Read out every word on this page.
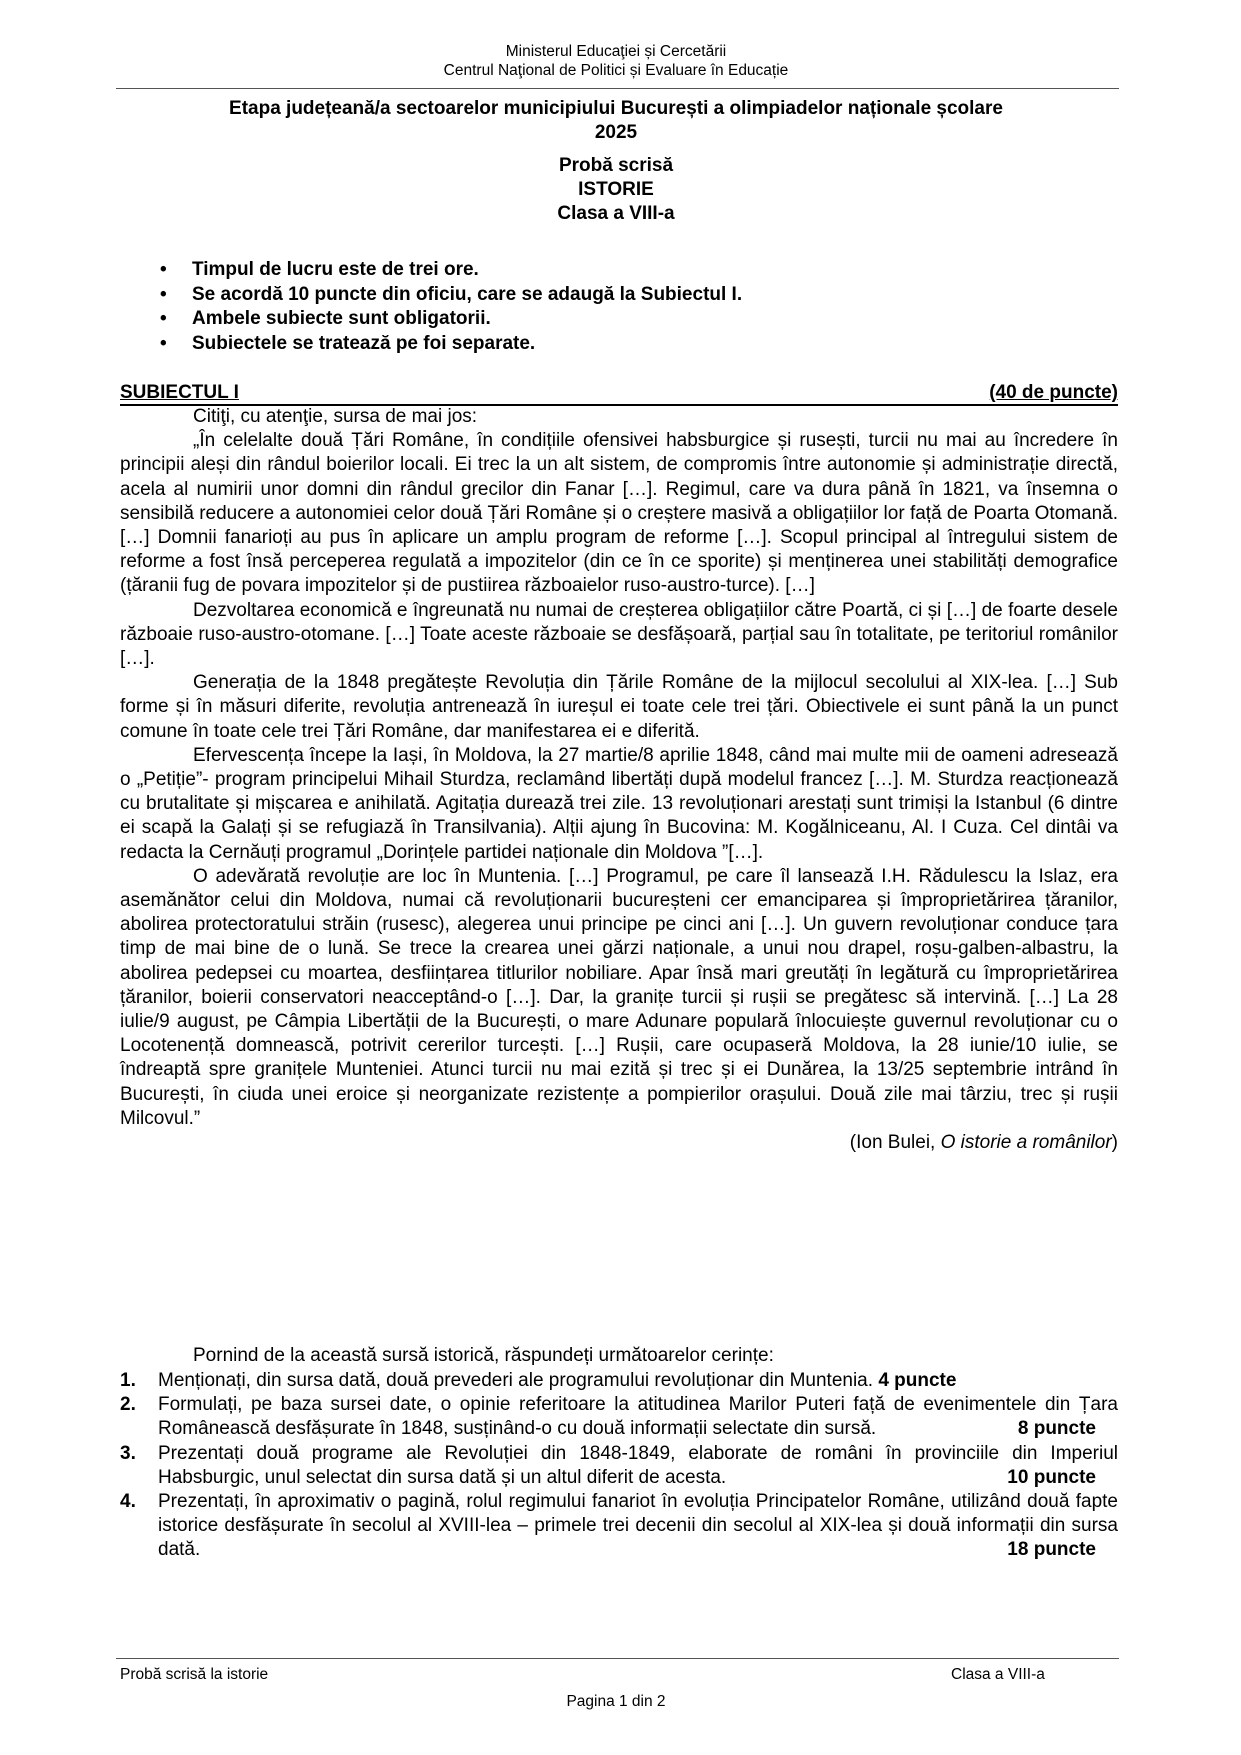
Ministerul Educaţiei și Cercetării
Centrul Naţional de Politici și Evaluare în Educație
Etapa județeană/a sectoarelor municipiului București a olimpiadelor naționale școlare
2025
Probă scrisă
ISTORIE
Clasa a VIII-a
• Timpul de lucru este de trei ore.
• Se acordă 10 puncte din oficiu, care se adaugă la Subiectul I.
• Ambele subiecte sunt obligatorii.
• Subiectele se tratează pe foi separate.
SUBIECTUL I	(40 de puncte)

Citiţi, cu atenţie, sursa de mai jos:

„În celelalte două Țări Române, în condițiile ofensivei habsburgice și rusești, turcii nu mai au încredere în principii aleși din rândul boierilor locali. Ei trec la un alt sistem, de compromis între autonomie și administrație directă, acela al numirii unor domni din rândul grecilor din Fanar […]. Regimul, care va dura până în 1821, va însemna o sensibilă reducere a autonomiei celor două Țări Române și o creștere masivă a obligațiilor lor față de Poarta Otomană. […] Domnii fanarioți au pus în aplicare un amplu program de reforme […]. Scopul principal al întregului sistem de reforme a fost însă perceperea regulată a impozitelor (din ce în ce sporite) și menținerea unei stabilități demografice (țăranii fug de povara impozitelor și de pustiirea războaielor ruso-austro-turce). […]

Dezvoltarea economică e îngreunată nu numai de creșterea obligațiilor către Poartă, ci și […] de foarte desele războaie ruso-austro-otomane. […] Toate aceste războaie se desfășoară, parțial sau în totalitate, pe teritoriul românilor […].

Generația de la 1848 pregătește Revoluția din Țările Române de la mijlocul secolului al XIX-lea. […] Sub forme și în măsuri diferite, revoluția antrenează în iureșul ei toate cele trei țări. Obiectivele ei sunt până la un punct comune în toate cele trei Țări Române, dar manifestarea ei e diferită.

Efervescența începe la Iași, în Moldova, la 27 martie/8 aprilie 1848, când mai multe mii de oameni adresează o „Petiție”- program principelui Mihail Sturdza, reclamând libertăți după modelul francez […]. M. Sturdza reacționează cu brutalitate și mișcarea e anihilată. Agitația durează trei zile. 13 revoluționari arestați sunt trimiși la Istanbul (6 dintre ei scapă la Galați și se refugiază în Transilvania). Alții ajung în Bucovina: M. Kogălniceanu, Al. I Cuza. Cel dintâi va redacta la Cernăuți programul „Dorințele partidei naționale din Moldova ”[…].

O adevărată revoluție are loc în Muntenia. […] Programul, pe care îl lansează I.H. Rădulescu la Islaz, era asemănător celui din Moldova, numai că revoluționarii bucureșteni cer emanciparea și împroprietărirea țăranilor, abolirea protectoratului străin (rusesc), alegerea unui principe pe cinci ani […]. Un guvern revoluționar conduce țara timp de mai bine de o lună. Se trece la crearea unei gărzi naționale, a unui nou drapel, roșu-galben-albastru, la abolirea pedepsei cu moartea, desființarea titlurilor nobiliare. Apar însă mari greutăți în legătură cu împroprietărirea țăranilor, boierii conservatori neacceptând-o […]. Dar, la granițe turcii și rușii se pregătesc să intervină. […] La 28 iulie/9 august, pe Câmpia Libertății de la București, o mare Adunare populară înlocuiește guvernul revoluționar cu o Locotenență domnească, potrivit cererilor turcești. […] Rușii, care ocupaseră Moldova, la 28 iunie/10 iulie, se îndreaptă spre granițele Munteniei. Atunci turcii nu mai ezită și trec și ei Dunărea, la 13/25 septembrie intrând în București, în ciuda unei eroice și neorganizate rezistențe a pompierilor orașului. Două zile mai târziu, trec și rușii Milcovul.”

(Ion Bulei, O istorie a românilor)

Pornind de la această sursă istorică, răspundeți următoarelor cerințe:
1. Menționați, din sursa dată, două prevederi ale programului revoluționar din Muntenia. 4 puncte
2. Formulați, pe baza sursei date, o opinie referitoare la atitudinea Marilor Puteri față de evenimentele din Țara Românească desfășurate în 1848, susținând-o cu două informații selectate din sursă.	8 puncte
3. Prezentați două programe ale Revoluției din 1848-1849, elaborate de români în provinciile din Imperiul Habsburgic, unul selectat din sursa dată și un altul diferit de acesta.	10 puncte
4. Prezentați, în aproximativ o pagină, rolul regimului fanariot în evoluția Principatelor Române, utilizând două fapte istorice desfășurate în secolul al XVIII-lea – primele trei decenii din secolul al XIX-lea și două informații din sursa dată.	18 puncte
Probă scrisă la istorie	Clasa a VIII-a
Pagina 1 din 2
